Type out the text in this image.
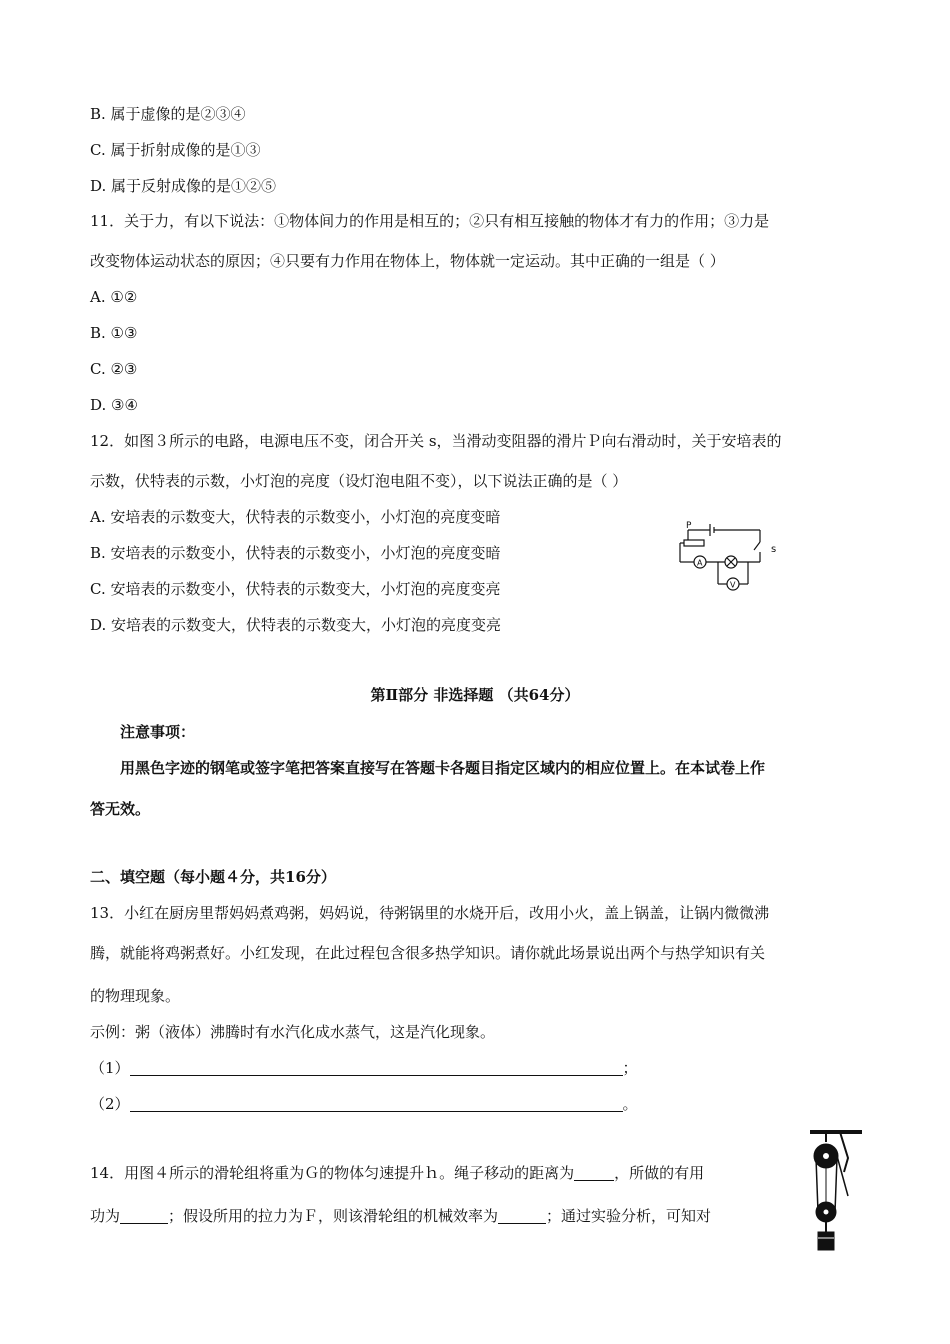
B. 属于虚像的是②③④
C. 属于折射成像的是①③
D. 属于反射成像的是①②⑤
11．关于力，有以下说法：①物体间力的作用是相互的；②只有相互接触的物体才有力的作用；③力是
改变物体运动状态的原因；④只要有力作用在物体上，物体就一定运动。其中正确的一组是（ ）
A. ①②
B. ①③
C. ②③
D. ③④
12．如图３所示的电路，电源电压不变，闭合开关 s，当滑动变阻器的滑片Ｐ向右滑动时，关于安培表的
示数，伏特表的示数，小灯泡的亮度（设灯泡电阻不变），以下说法正确的是（ ）
A. 安培表的示数变大，伏特表的示数变小，小灯泡的亮度变暗
B. 安培表的示数变小，伏特表的示数变小，小灯泡的亮度变暗
C. 安培表的示数变小，伏特表的示数变大，小灯泡的亮度变亮
D. 安培表的示数变大，伏特表的示数变大，小灯泡的亮度变亮
P
A
V
s
第Ⅱ部分 非选择题 （共64分）
注意事项：
用黑色字迹的钢笔或签字笔把答案直接写在答题卡各题目指定区域内的相应位置上。在本试卷上作
答无效。
二、填空题（每小题４分，共16分）
13．小红在厨房里帮妈妈煮鸡粥，妈妈说，待粥锅里的水烧开后，改用小火，盖上锅盖，让锅内微微沸
腾，就能将鸡粥煮好。小红发现，在此过程包含很多热学知识。请你就此场景说出两个与热学知识有关
的物理现象。
示例：粥（液体）沸腾时有水汽化成水蒸气，这是汽化现象。
（1）	；
（2）	。
14．用图４所示的滑轮组将重为Ｇ的物体匀速提升ｈ。绳子移动的距离为	，所做的有用
功为	；假设所用的拉力为Ｆ，则该滑轮组的机械效率为	；通过实验分析，可知对
